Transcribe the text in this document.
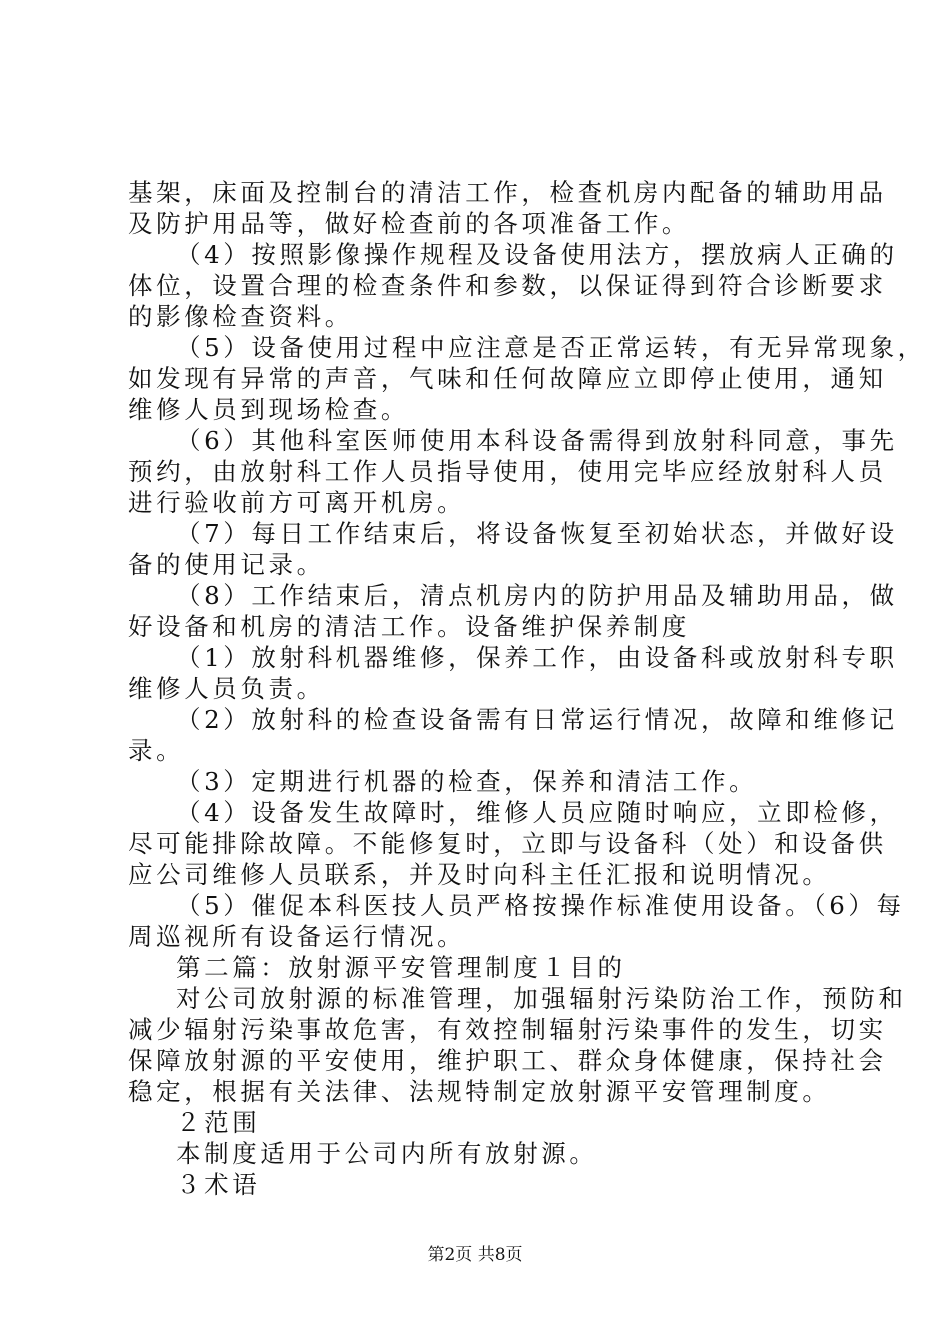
基架，床面及控制台的清洁工作，检查机房内配备的辅助用品

及防护用品等，做好检查前的各项准备工作。

（4）按照影像操作规程及设备使用法方，摆放病人正确的

体位，设置合理的检查条件和参数，以保证得到符合诊断要求

的影像检查资料。

（5）设备使用过程中应注意是否正常运转，有无异常现象，

如发现有异常的声音，气味和任何故障应立即停止使用，通知

维修人员到现场检查。

（6）其他科室医师使用本科设备需得到放射科同意，事先

预约，由放射科工作人员指导使用，使用完毕应经放射科人员

进行验收前方可离开机房。

（7）每日工作结束后，将设备恢复至初始状态，并做好设

备的使用记录。

（8）工作结束后，清点机房内的防护用品及辅助用品，做

好设备和机房的清洁工作。设备维护保养制度

（1）放射科机器维修，保养工作，由设备科或放射科专职

维修人员负责。

（2）放射科的检查设备需有日常运行情况，故障和维修记

录。

（3）定期进行机器的检查，保养和清洁工作。

（4）设备发生故障时，维修人员应随时响应，立即检修，

尽可能排除故障。不能修复时，立即与设备科（处）和设备供

应公司维修人员联系，并及时向科主任汇报和说明情况。

（5）催促本科医技人员严格按操作标准使用设备。（6）每

周巡视所有设备运行情况。

第二篇：放射源平安管理制度１目的

对公司放射源的标准管理，加强辐射污染防治工作，预防和

减少辐射污染事故危害，有效控制辐射污染事件的发生，切实

保障放射源的平安使用，维护职工、群众身体健康，保持社会

稳定，根据有关法律、法规特制定放射源平安管理制度。

２范围

本制度适用于公司内所有放射源。

３术语

第2页 共8页
